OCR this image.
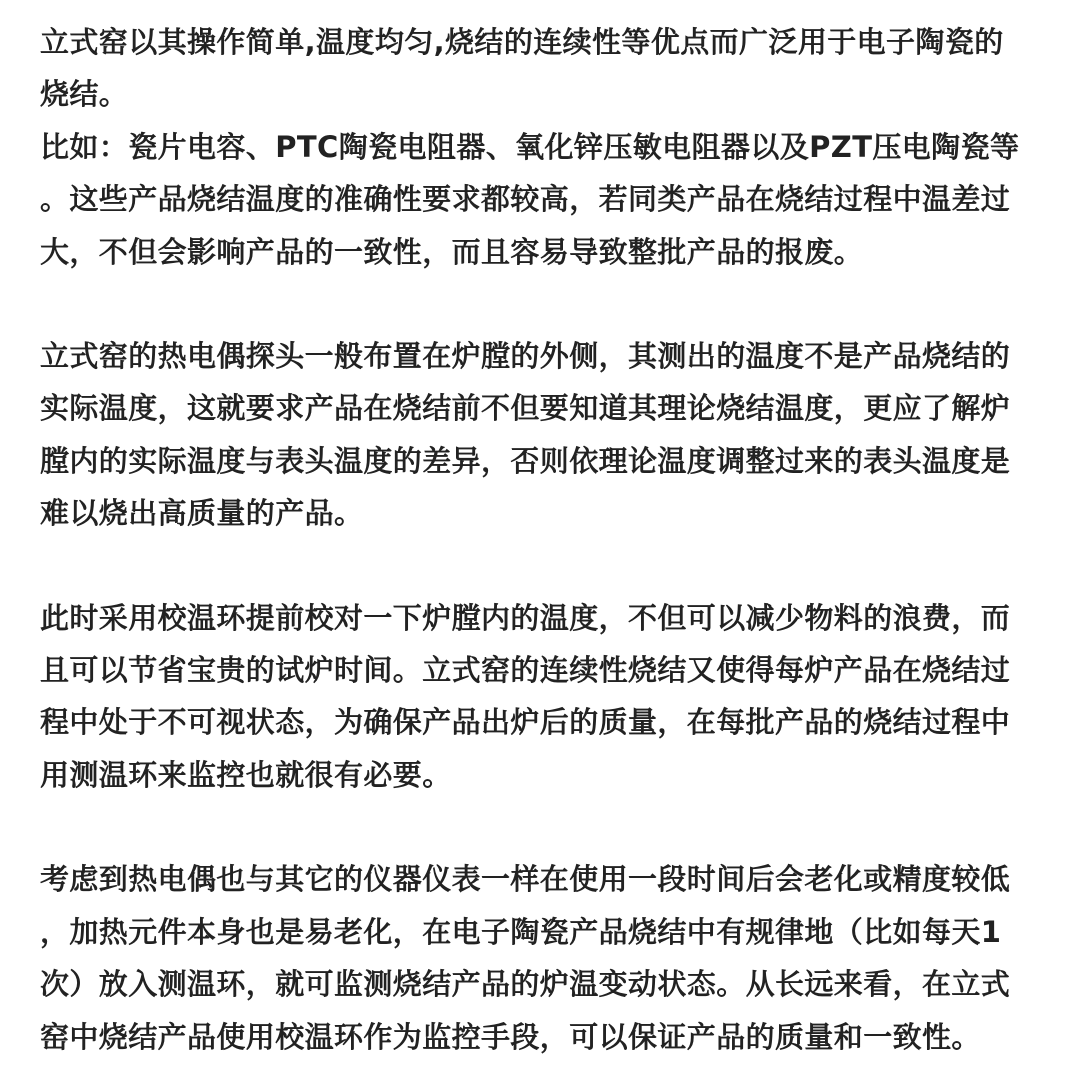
立式窑以其操作简单,温度均匀,烧结的连续性等优点而广泛用于电子陶瓷的
烧结。
比如：瓷片电容、PTC陶瓷电阻器、氧化锌压敏电阻器以及PZT压电陶瓷等
。这些产品烧结温度的准确性要求都较高，若同类产品在烧结过程中温差过
大，不但会影响产品的一致性，而且容易导致整批产品的报废。

立式窑的热电偶探头一般布置在炉膛的外侧，其测出的温度不是产品烧结的
实际温度，这就要求产品在烧结前不但要知道其理论烧结温度，更应了解炉
膛内的实际温度与表头温度的差异，否则依理论温度调整过来的表头温度是
难以烧出高质量的产品。

此时采用校温环提前校对一下炉膛内的温度，不但可以减少物料的浪费，而
且可以节省宝贵的试炉时间。立式窑的连续性烧结又使得每炉产品在烧结过
程中处于不可视状态，为确保产品出炉后的质量，在每批产品的烧结过程中
用测温环来监控也就很有必要。

考虑到热电偶也与其它的仪器仪表一样在使用一段时间后会老化或精度较低
，加热元件本身也是易老化，在电子陶瓷产品烧结中有规律地（比如每天1
次）放入测温环，就可监测烧结产品的炉温变动状态。从长远来看，在立式
窑中烧结产品使用校温环作为监控手段，可以保证产品的质量和一致性。
